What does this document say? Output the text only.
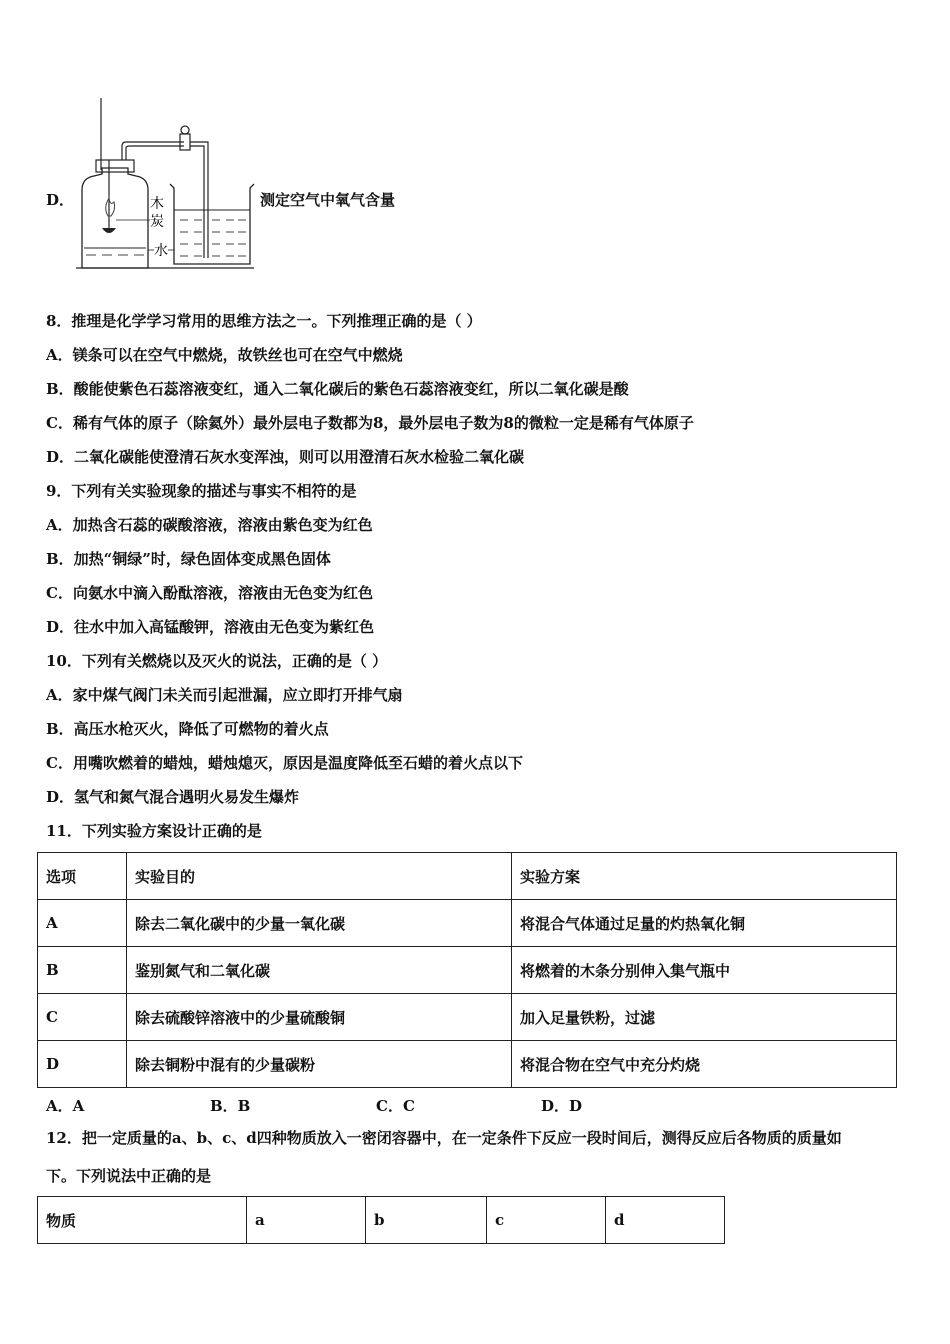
D．	木
炭
水
测定空气中氧气含量
8．推理是化学学习常用的思维方法之一。下列推理正确的是（ ）
A．镁条可以在空气中燃烧，故铁丝也可在空气中燃烧
B．酸能使紫色石蕊溶液变红，通入二氧化碳后的紫色石蕊溶液变红，所以二氧化碳是酸
C．稀有气体的原子（除氦外）最外层电子数都为8，最外层电子数为8的微粒一定是稀有气体原子
D．二氧化碳能使澄清石灰水变浑浊，则可以用澄清石灰水检验二氧化碳
9．下列有关实验现象的描述与事实不相符的是
A．加热含石蕊的碳酸溶液，溶液由紫色变为红色
B．加热“铜绿”时，绿色固体变成黑色固体
C．向氨水中滴入酚酞溶液，溶液由无色变为红色
D．往水中加入高锰酸钾，溶液由无色变为紫红色
10．下列有关燃烧以及灭火的说法，正确的是（ ）
A．家中煤气阀门未关而引起泄漏，应立即打开排气扇
B．高压水枪灭火，降低了可燃物的着火点
C．用嘴吹燃着的蜡烛，蜡烛熄灭，原因是温度降低至石蜡的着火点以下
D．氢气和氮气混合遇明火易发生爆炸
11．下列实验方案设计正确的是
选项	实验目的	实验方案
A	除去二氧化碳中的少量一氧化碳	将混合气体通过足量的灼热氧化铜
B	鉴别氮气和二氧化碳	将燃着的木条分别伸入集气瓶中
C	除去硫酸锌溶液中的少量硫酸铜	加入足量铁粉，过滤
D	除去铜粉中混有的少量碳粉	将混合物在空气中充分灼烧
A．A	B．B	C．C	D．D
12．把一定质量的a、b、c、d四种物质放入一密闭容器中，在一定条件下反应一段时间后，测得反应后各物质的质量如
下。下列说法中正确的是
物质	a	b	c	d
